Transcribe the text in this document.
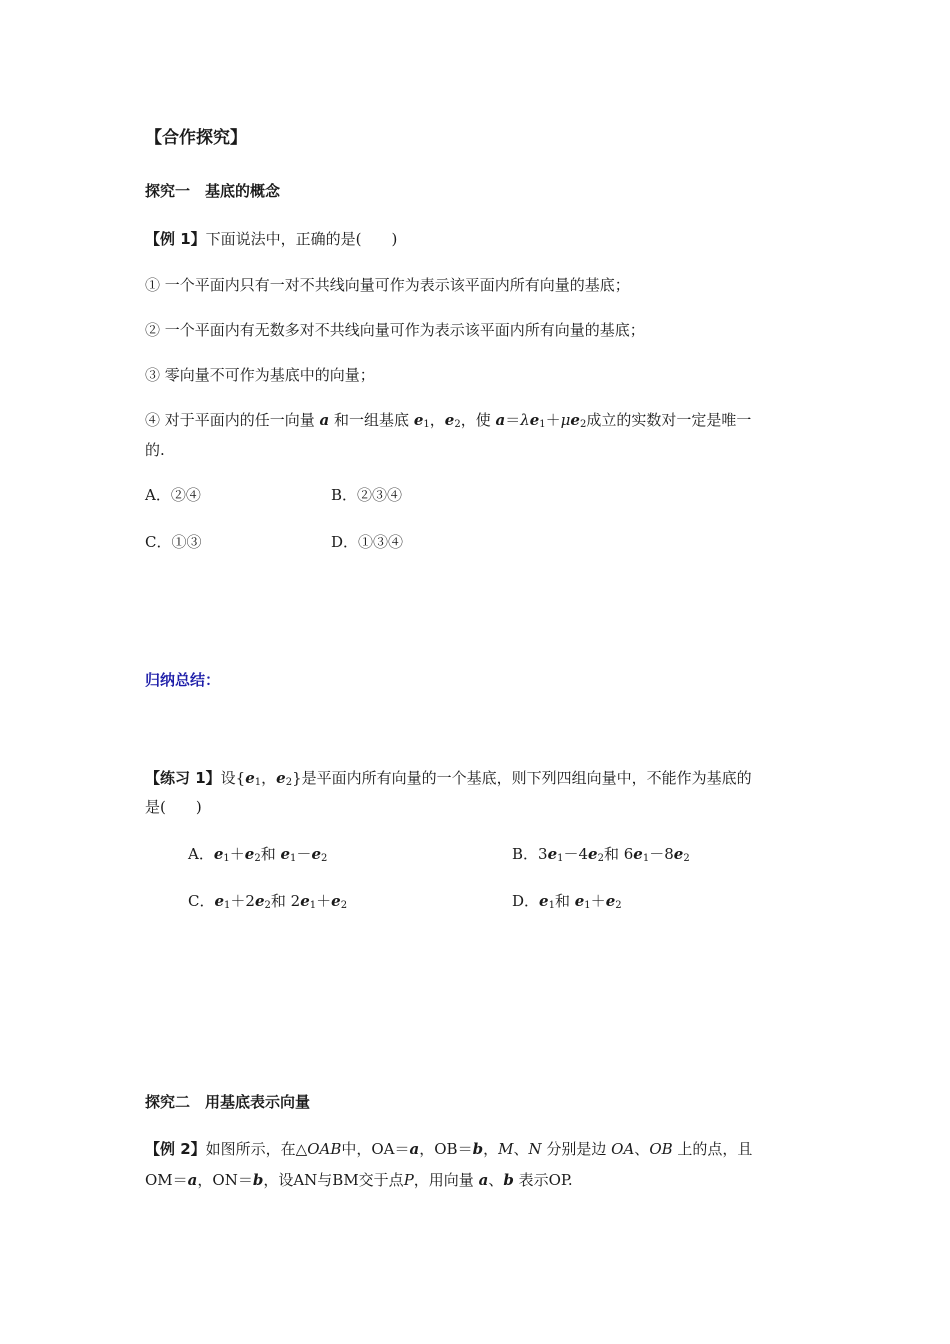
【合作探究】
探究一　基底的概念
【例 1】下面说法中，正确的是(　　)
① 一个平面内只有一对不共线向量可作为表示该平面内所有向量的基底；
② 一个平面内有无数多对不共线向量可作为表示该平面内所有向量的基底；
③ 零向量不可作为基底中的向量；
④ 对于平面内的任一向量 a 和一组基底 $e_1$，$e_2$，使 $a=\lambda e_1+\mu e_2$成立的实数对一定是唯一
的.
A．②④	B．②③④
C．①③	D．①③④
归纳总结：
【练习 1】设{$e_1$，$e_2$}是平面内所有向量的一个基底，则下列四组向量中，不能作为基底的
是(　　)
A．$e_1+e_2$和 $e_1-e_2$	B．$3e_1-4e_2$和 $6e_1-8e_2$
C．$e_1+2e_2$和 $2e_1+e_2$	D．$e_1$和 $e_1+e_2$
探究二　用基底表示向量
【例 2】如图所示，在△OAB中，OA＝a，OB＝b，M、N 分别是边 OA、OB 上的点，且
OM＝a，ON＝b，设AN与BM交于点P，用向量 a、b 表示OP.
